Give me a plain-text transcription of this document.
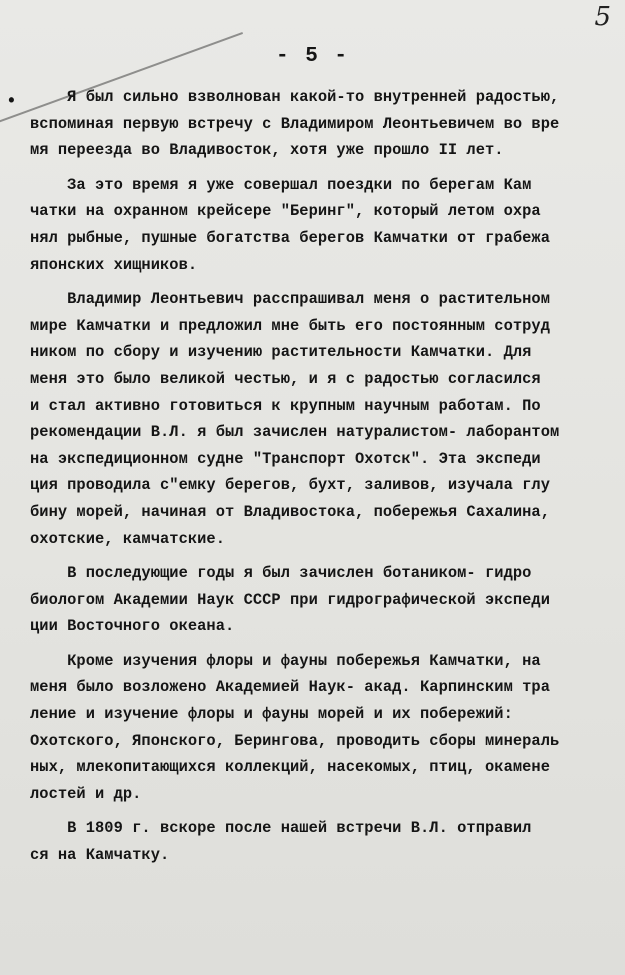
5
- 5 -
• Я был сильно взволнован какой-то внутренней радостью,
вспоминая первую встречу с Владимиром Леонтьевичем во вре
мя переезда во Владивосток, хотя уже прошло II лет.
За это время я уже совершал поездки по берегам Кам
чатки на охранном крейсере "Беринг", который летом охра
нял рыбные, пушные богатства берегов Камчатки от грабежа
японских хищников.
Владимир Леонтьевич расспрашивал меня о растительном
мире Камчатки и предложил мне быть его постоянным сотруд
ником по сбору и изучению растительности Камчатки. Для
меня это было великой честью, и я с радостью согласился
и стал активно готовиться к крупным научным работам. По
рекомендации В.Л. я был зачислен натуралистом- лаборантом
на экспедиционном судне "Транспорт Охотск". Эта экспеди
ция проводила с"емку берегов, бухт, заливов, изучала глу
бину морей, начиная от Владивостока, побережья Сахалина,
охотские, камчатские.
В последующие годы я был зачислен ботаником- гидро
биологом Академии Наук СССР при гидрографической экспеди
ции Восточного океана.
Кроме изучения флоры и фауны побережья Камчатки, на
меня было возложено Академией Наук- акад. Карпинским тра
ление и изучение флоры и фауны морей и их побережий:
Охотского, Японского, Берингова, проводить сборы минераль
ных, млекопитающихся коллекций, насекомых, птиц, окамене
лостей и др.
В 1809 г. вскоре после нашей встречи В.Л. отправил
ся на Камчатку.
